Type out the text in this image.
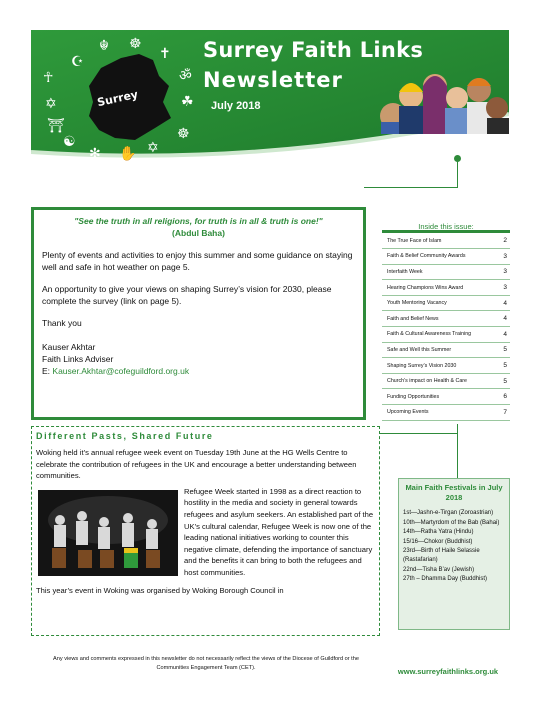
Surrey
☬ ☸
✝
☪
ॐ
☯
☥
☘
✡
⛩	☸
✋ ✡
✻
Surrey Faith Links
Newsletter
July 2018
"See the truth in all religions, for truth is in all & truth is one!"
(Abdul Baha)

Plenty of events and activities to enjoy this summer and some guidance on staying well and safe in hot weather on page 5.

An opportunity to give your views on shaping Surrey’s vision for 2030, please complete the survey (link on page 5).

Thank you

Kauser Akhtar
Faith Links Adviser
E: Kauser.Akhtar@cofeguildford.org.uk
Inside this issue:
The True Face of Islam	2
Faith & Belief Community Awards	3
Interfaith Week	3
Hearing Champions Wins Award	3
Youth Mentoring Vacancy	4
Faith and Belief News	4
Faith & Cultural Awareness Training	4
Safe and Well this Summer	5
Shaping Surrey’s Vision 2030	5
Church’s impact on Health & Care	5
Funding Opportunities	6
Upcoming Events	7
Different Pasts, Shared Future

Woking held it’s annual refugee week event on Tuesday 19th June at the HG Wells Centre to celebrate the contribution of refugees in the UK and encourage a better understanding between communities.

Refugee Week started in 1998 as a direct reaction to hostility in the media and society in general towards refugees and asylum seekers. An established part of the UK’s cultural calendar, Refugee Week is now one of the leading national initiatives working to counter this negative climate, defending the importance of sanctuary and the benefits it can bring to both the refugees and host communities.

This year’s event in Woking was organised by Woking Borough Council in

Main Faith Festivals in July 2018
1st—Jashn-e-Tirgan (Zoroastrian)
10th—Martyrdom of the Bab (Bahai)
14th—Ratha Yatra (Hindu)
15/16—Chokor (Buddhist)
23rd—Birth of Haile Selassie (Rastafarian)
22nd—Tisha B’av (Jewish)
27th – Dhamma Day (Buddhist)
Any views and comments expressed in this newsletter do not necessarily reflect the views of the Diocese of Guildford or the Communities Engagement Team (CET).	www.surreyfaithlinks.org.uk
